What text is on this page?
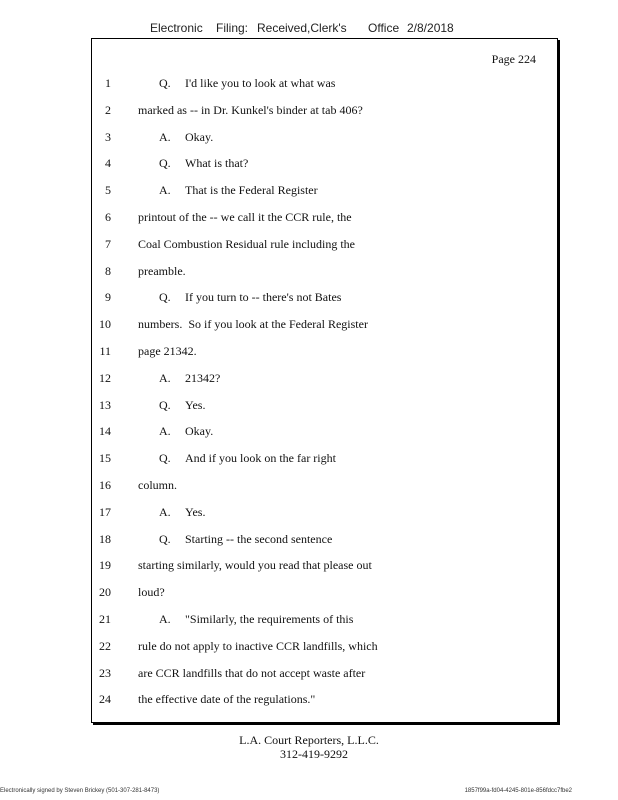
Electronic Filing: Received,Clerk's Office 2/8/2018
Page 224
1	Q. I'd like you to look at what was
2 marked as -- in Dr. Kunkel's binder at tab 406?
3	A. Okay.
4	Q. What is that?
5	A. That is the Federal Register
6 printout of the -- we call it the CCR rule, the
7 Coal Combustion Residual rule including the
8 preamble.
9	Q. If you turn to -- there's not Bates
10 numbers.  So if you look at the Federal Register
11 page 21342.
12	A. 21342?
13	Q. Yes.
14	A. Okay.
15	Q. And if you look on the far right
16 column.
17	A. Yes.
18	Q. Starting -- the second sentence
19 starting similarly, would you read that please out
20 loud?
21	A. "Similarly, the requirements of this
22 rule do not apply to inactive CCR landfills, which
23 are CCR landfills that do not accept waste after
24 the effective date of the regulations."
L.A. Court Reporters, L.L.C.
312-419-9292
Electronically signed by Steven Brickey (501-307-281-8473)	1857f99a-fd04-4245-801e-856fdcc7fbe2
